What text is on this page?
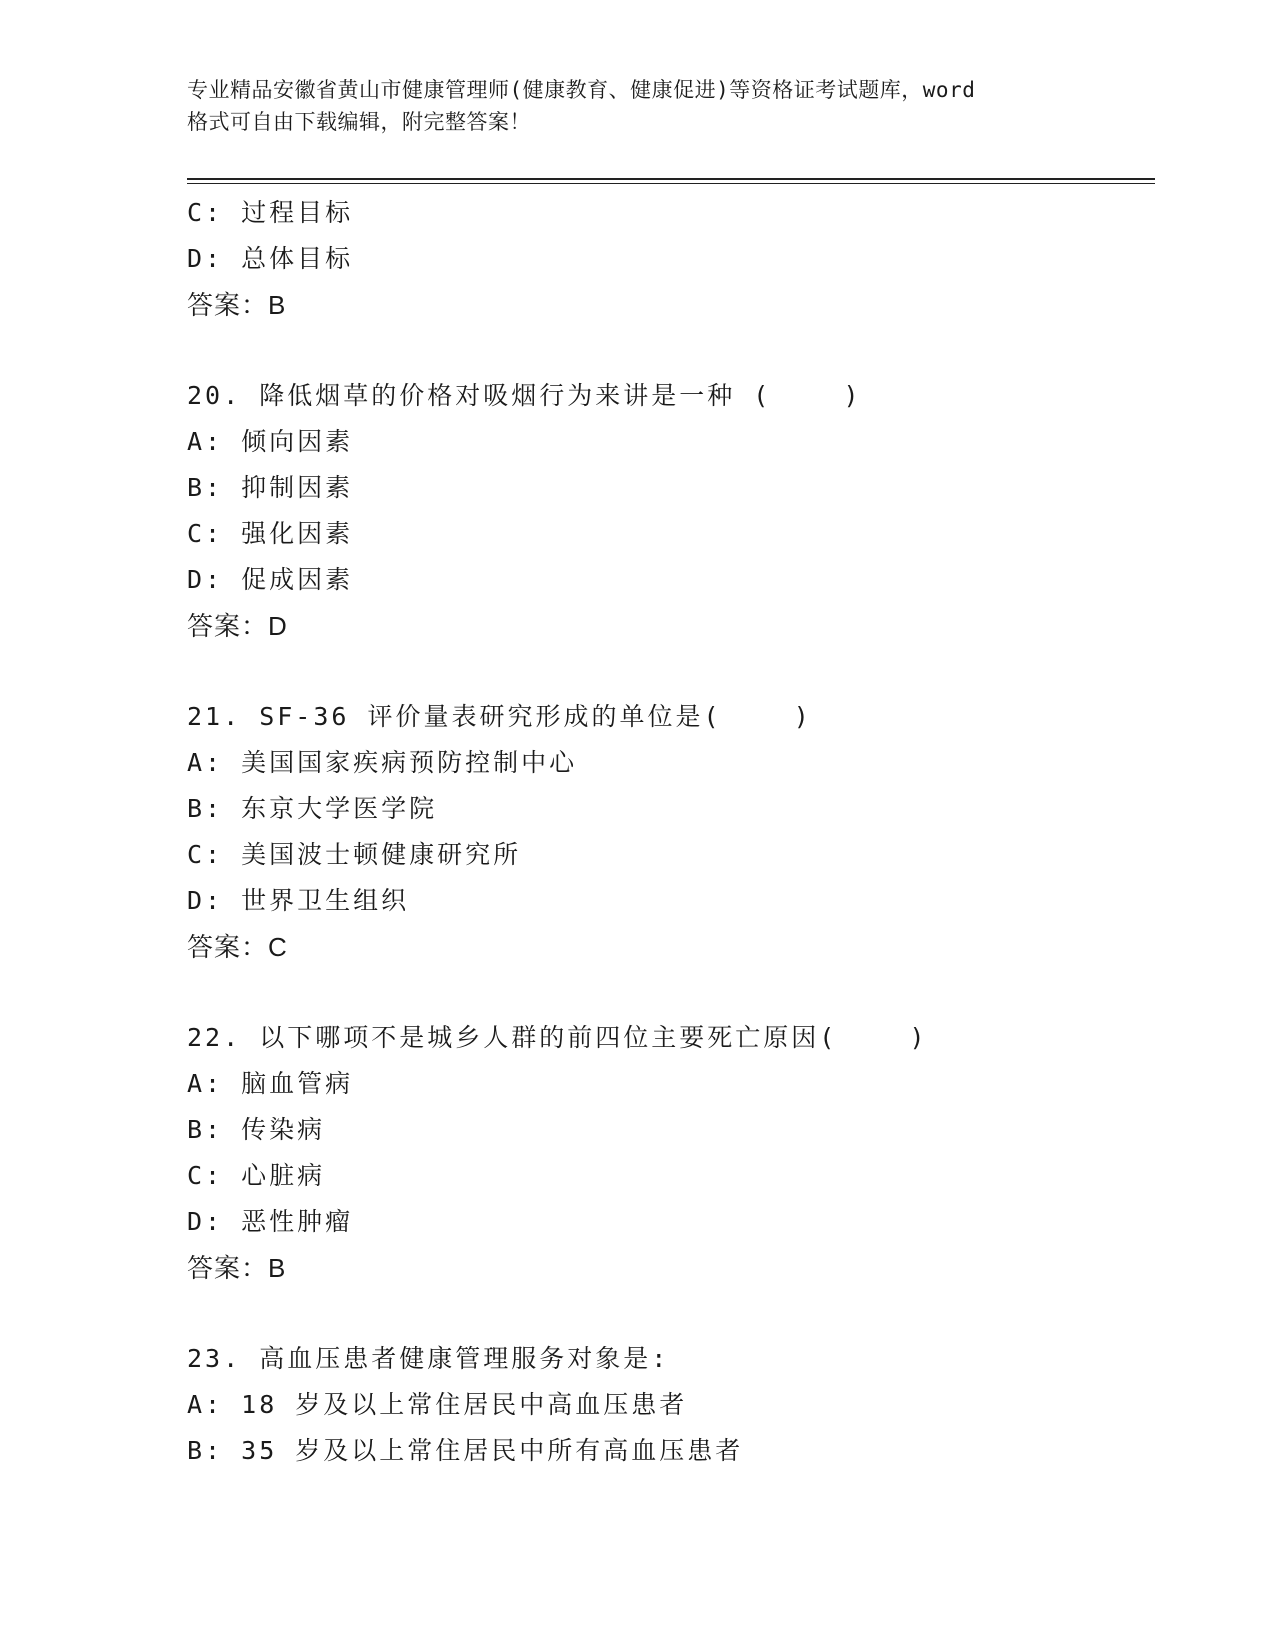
专业精品安徽省黄山市健康管理师(健康教育、健康促进)等资格证考试题库，word
格式可自由下载编辑，附完整答案！
C: 过程目标
D: 总体目标
答案：B
20. 降低烟草的价格对吸烟行为来讲是一种 (    )
A: 倾向因素
B: 抑制因素
C: 强化因素
D: 促成因素
答案：D
21. SF-36 评价量表研究形成的单位是(    )
A: 美国国家疾病预防控制中心
B: 东京大学医学院
C: 美国波士顿健康研究所
D: 世界卫生组织
答案：C
22. 以下哪项不是城乡人群的前四位主要死亡原因(    )
A: 脑血管病
B: 传染病
C: 心脏病
D: 恶性肿瘤
答案：B
23. 高血压患者健康管理服务对象是:
A: 18 岁及以上常住居民中高血压患者
B: 35 岁及以上常住居民中所有高血压患者
